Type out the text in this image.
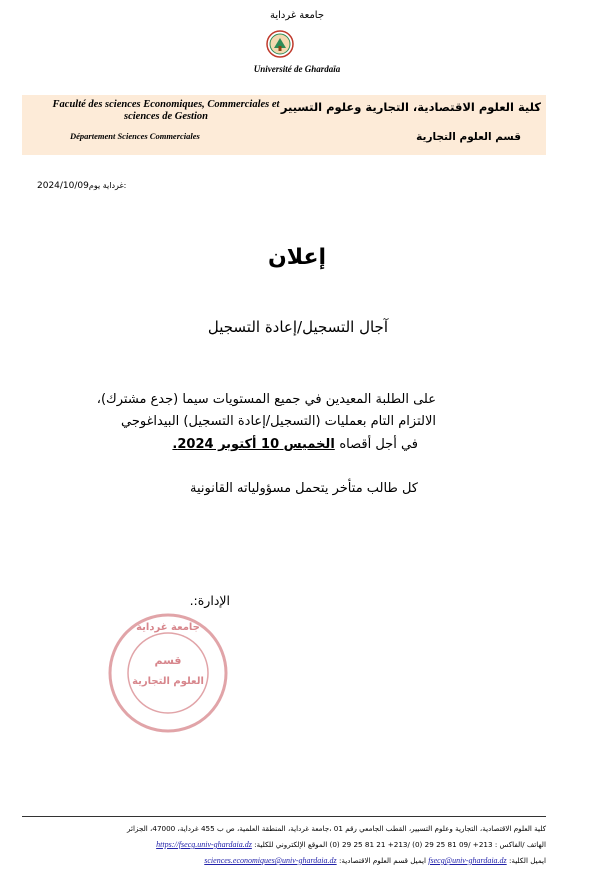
جامعة غرداية
Université de Ghardaïa
Faculté des sciences Economiques, Commerciales et sciences de Gestion
Département Sciences Commerciales
كلية العلوم الاقتصادية، التجارية وعلوم التسيير
قسم العلوم التجارية
2024/10/09غرداية يوم:
إعلان
آجال التسجيل/إعادة التسجيل
على الطلبة المعيدين في جميع المستويات سيما (جدع مشترك)،
الالتزام التام بعمليات (التسجيل/إعادة التسجيل) البيداغوجي
في أجل أقصاه الخميس 10 أكتوبر 2024.
كل طالب متأخر يتحمل مسؤولياته القانونية
الإدارة:.
جامعة غرداية
قسم
العلوم التجارية
كلية العلوم الاقتصادية، التجارية وعلوم التسيير، القطب الجامعي رقم 01 ،جامعة غرداية، المنطقة العلمية، ص ب 455 غرداية، 47000، الجزائر
الهاتف /الفاكس : (0) 29 25 81 21 +213/ (0) 29 25 81 09/ +213 الموقع الإلكتروني للكلية: https://fsecg.univ-ghardaia.dz
ايميل الكلية: fsecg@univ-ghardaia.dz ايميل قسم العلوم الاقتصادية: sciences.economiques@univ-ghardaia.dz
